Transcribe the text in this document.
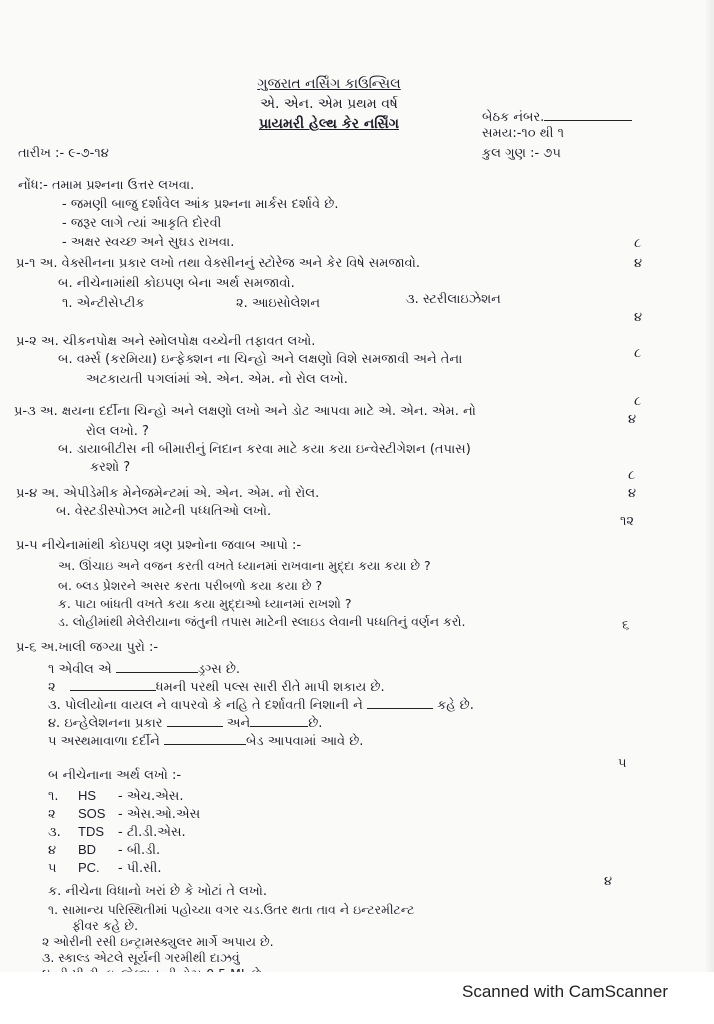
ગુજરાત નર્સિંગ કાઉન્સિલ
એ. એન. એમ પ્રથમ વર્ષ
પ્રાયમરી હેલ્થ કેર નર્સિંગ	બેઠક નંબર.
સમય:-૧૦ થી ૧
કુલ ગુણ :- ૭૫
તારીખ :- ૯-૭-૧૪
નોંધ:- તમામ પ્રશ્નના ઉત્તર લખવા.
- જમણી બાજુ દર્શાવેલ આંક પ્રશ્નના માર્કસ દર્શાવે છે.
- જરૂર લાગે ત્યાં આકૃતિ દોરવી
- અક્ષર સ્વચ્છ અને સુઘડ રાખવા.	૮
પ્ર-૧ અ. વેક્સીનના પ્રકાર લખો તથા વેક્સીનનું સ્ટોરેજ અને કેર વિષે સમજાવો.	૪
બ. નીચેનામાંથી કોઇપણ બેના અર્થ સમજાવો.
૧. એન્ટીસેપ્ટીક	૨. આઇસોલેશન	૩. સ્ટરીલાઇઝેશન
૪
પ્ર-૨ અ. ચીકનપોક્ષ અને સ્મોલપોક્ષ વચ્ચેની તફાવત લખો.
બ. વર્મ્સ (કરમિયા) ઇન્ફેક્શન ના ચિન્હો અને લક્ષણો વિશે સમજાવી અને તેના	૮
અટકાયતી પગલાંમાં એ. એન. એમ. નો રોલ લખો.
પ્ર-૩ અ. ક્ષયના દર્દીના ચિન્હો અને લક્ષણો લખો અને ડોટ આપવા માટે એ. એન. એમ. નો
૮
રોલ લખો. ?
૪
બ. ડાયાબીટીસ ની બીમારીનું નિદાન કરવા માટે કયા કયા ઇન્વેસ્ટીગેશન (તપાસ)
કરશો ?
૮
પ્ર-૪ અ. એપીડેમીક મેનેજમેન્ટમાં એ. એન. એમ. નો રોલ.	૪
બ. વેસ્ટડીસ્પોઝલ માટેની પધ્ધતિઓ લખો.
૧૨
પ્ર-૫ નીચેનામાંથી કોઇપણ ત્રણ પ્રશ્નોના જવાબ આપો :-
અ. ઊંચાઇ અને વજન કરતી વખતે ધ્યાનમાં રાખવાના મુદ્દા કયા કયા છે ?
બ. બ્લડ પ્રેશરને અસર કરતા પરીબળો કયા કયા છે ?
ક. પાટા બાંધતી વખતે કયા કયા મુદ્દાઓ ધ્યાનમાં રાખશો ?
ડ. લોહીમાંથી મેલેરીયાના જંતુની તપાસ માટેની સ્લાઇડ લેવાની પધ્ધતિનું વર્ણન કરો.	૬
પ્ર-૬ અ.ખાલી જગ્યા પુરો :-
૧ એવીલ એ	ડ્રગ્સ છે.
૨	ધમની પરથી પલ્સ સારી રીતે માપી શકાય છે.
૩. પોલીયોના વાયલ ને વાપરવો કે નહિ તે દર્શાવતી નિશાની ને	કહે છે.
૪. ઇન્હેલેશનના પ્રકાર	અને	છે.
૫ અસ્થમાવાળા દર્દીને	બેડ આપવામાં આવે છે.
૫
બ નીચેનાના અર્થ લખો :-
૧. HS - એચ.એસ.
૨ SOS - એસ.ઓ.એસ
૩. TDS - ટી.ડી.એસ.
૪ BD - બી.ડી.
૫ PC. - પી.સી.
૪
ક. નીચેના વિધાનો ખરાં છે કે ખોટાં તે લખો.
૧. સામાન્ય પરિસ્થિતીમાં પહોચ્યા વગર ચડ.ઉતર થતા તાવ ને ઇન્ટરમીટન્ટ
ફીવર કહે છે.
૨ ઓરીની રસી ઇન્ટ્રામસ્ક્યુલર માર્ગે અપાય છે.
૩. સ્કાલ્ડ એટલે સૂર્યની ગરમીથી દાઝવું
Scanned with CamScanner
